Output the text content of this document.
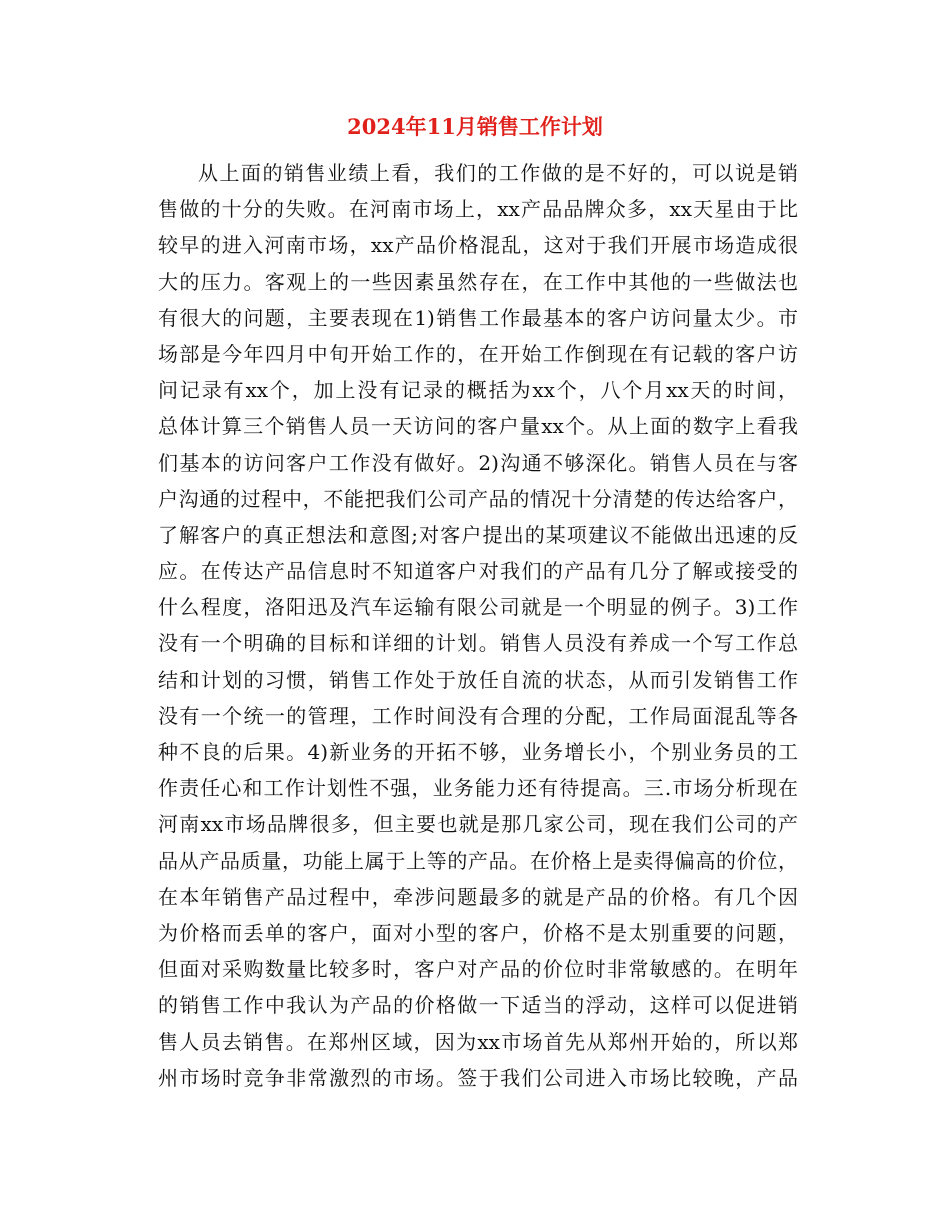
2024年11月销售工作计划
从上面的销售业绩上看，我们的工作做的是不好的，可以说是销
售做的十分的失败。在河南市场上，xx产品品牌众多，xx天星由于比
较早的进入河南市场，xx产品价格混乱，这对于我们开展市场造成很
大的压力。客观上的一些因素虽然存在，在工作中其他的一些做法也
有很大的问题，主要表现在1)销售工作最基本的客户访问量太少。市
场部是今年四月中旬开始工作的，在开始工作倒现在有记载的客户访
问记录有xx个，加上没有记录的概括为xx个，八个月xx天的时间，
总体计算三个销售人员一天访问的客户量xx个。从上面的数字上看我
们基本的访问客户工作没有做好。2)沟通不够深化。销售人员在与客
户沟通的过程中，不能把我们公司产品的情况十分清楚的传达给客户，
了解客户的真正想法和意图;对客户提出的某项建议不能做出迅速的反
应。在传达产品信息时不知道客户对我们的产品有几分了解或接受的
什么程度，洛阳迅及汽车运输有限公司就是一个明显的例子。3)工作
没有一个明确的目标和详细的计划。销售人员没有养成一个写工作总
结和计划的习惯，销售工作处于放任自流的状态，从而引发销售工作
没有一个统一的管理，工作时间没有合理的分配，工作局面混乱等各
种不良的后果。4)新业务的开拓不够，业务增长小，个别业务员的工
作责任心和工作计划性不强，业务能力还有待提高。三.市场分析现在
河南xx市场品牌很多，但主要也就是那几家公司，现在我们公司的产
品从产品质量，功能上属于上等的产品。在价格上是卖得偏高的价位，
在本年销售产品过程中，牵涉问题最多的就是产品的价格。有几个因
为价格而丢单的客户，面对小型的客户，价格不是太别重要的问题，
但面对采购数量比较多时，客户对产品的价位时非常敏感的。在明年
的销售工作中我认为产品的价格做一下适当的浮动，这样可以促进销
售人员去销售。在郑州区域，因为xx市场首先从郑州开始的，所以郑
州市场时竞争非常激烈的市场。签于我们公司进入市场比较晚，产品
